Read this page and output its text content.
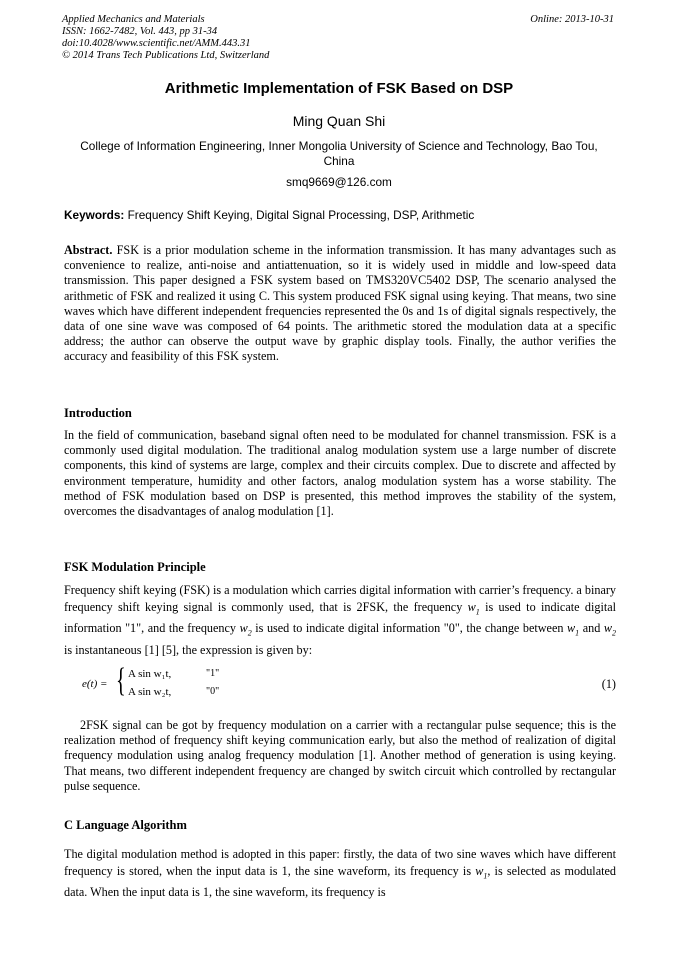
Applied Mechanics and Materials
ISSN: 1662-7482, Vol. 443, pp 31-34
doi:10.4028/www.scientific.net/AMM.443.31
© 2014 Trans Tech Publications Ltd, Switzerland
Online: 2013-10-31
Arithmetic Implementation of FSK Based on DSP
Ming Quan Shi
College of Information Engineering, Inner Mongolia University of Science and Technology, Bao Tou, China
smq9669@126.com
Keywords: Frequency Shift Keying, Digital Signal Processing, DSP, Arithmetic
Abstract. FSK is a prior modulation scheme in the information transmission. It has many advantages such as convenience to realize, anti-noise and antiattenuation, so it is widely used in middle and low-speed data transmission. This paper designed a FSK system based on TMS320VC5402 DSP, The scenario analysed the arithmetic of FSK and realized it using C. This system produced FSK signal using keying. That means, two sine waves which have different independent frequencies represented the 0s and 1s of digital signals respectively, the data of one sine wave was composed of 64 points. The arithmetic stored the modulation data at a specific address; the author can observe the output wave by graphic display tools. Finally, the author verifies the accuracy and feasibility of this FSK system.
Introduction
In the field of communication, baseband signal often need to be modulated for channel transmission. FSK is a commonly used digital modulation. The traditional analog modulation system use a large number of discrete components, this kind of systems are large, complex and their circuits complex. Due to discrete and affected by environment temperature, humidity and other factors, analog modulation system has a worse stability. The method of FSK modulation based on DSP is presented, this method improves the stability of the system, overcomes the disadvantages of analog modulation [1].
FSK Modulation Principle
Frequency shift keying (FSK) is a modulation which carries digital information with carrier’s frequency. a binary frequency shift keying signal is commonly used, that is 2FSK, the frequency $w_1$ is used to indicate digital information "1", and the frequency $w_2$ is used to indicate digital information "0", the change between $w_1$ and $w_2$ is instantaneous [1] [5], the expression is given by:
e(t) = { A sin w₁t,
A sin w₂t,
"1"
"0"
(1)
2FSK signal can be got by frequency modulation on a carrier with a rectangular pulse sequence; this is the realization method of frequency shift keying communication early, but also the method of realization of digital frequency modulation using analog frequency modulation [1]. Another method of generation is using keying. That means, two different independent frequency are changed by switch circuit which controlled by rectangular pulse sequence.
C Language Algorithm
The digital modulation method is adopted in this paper: firstly, the data of two sine waves which have different frequency is stored, when the input data is 1, the sine waveform, its frequency is $w_1$, is selected as modulated data. When the input data is 1, the sine waveform, its frequency is
